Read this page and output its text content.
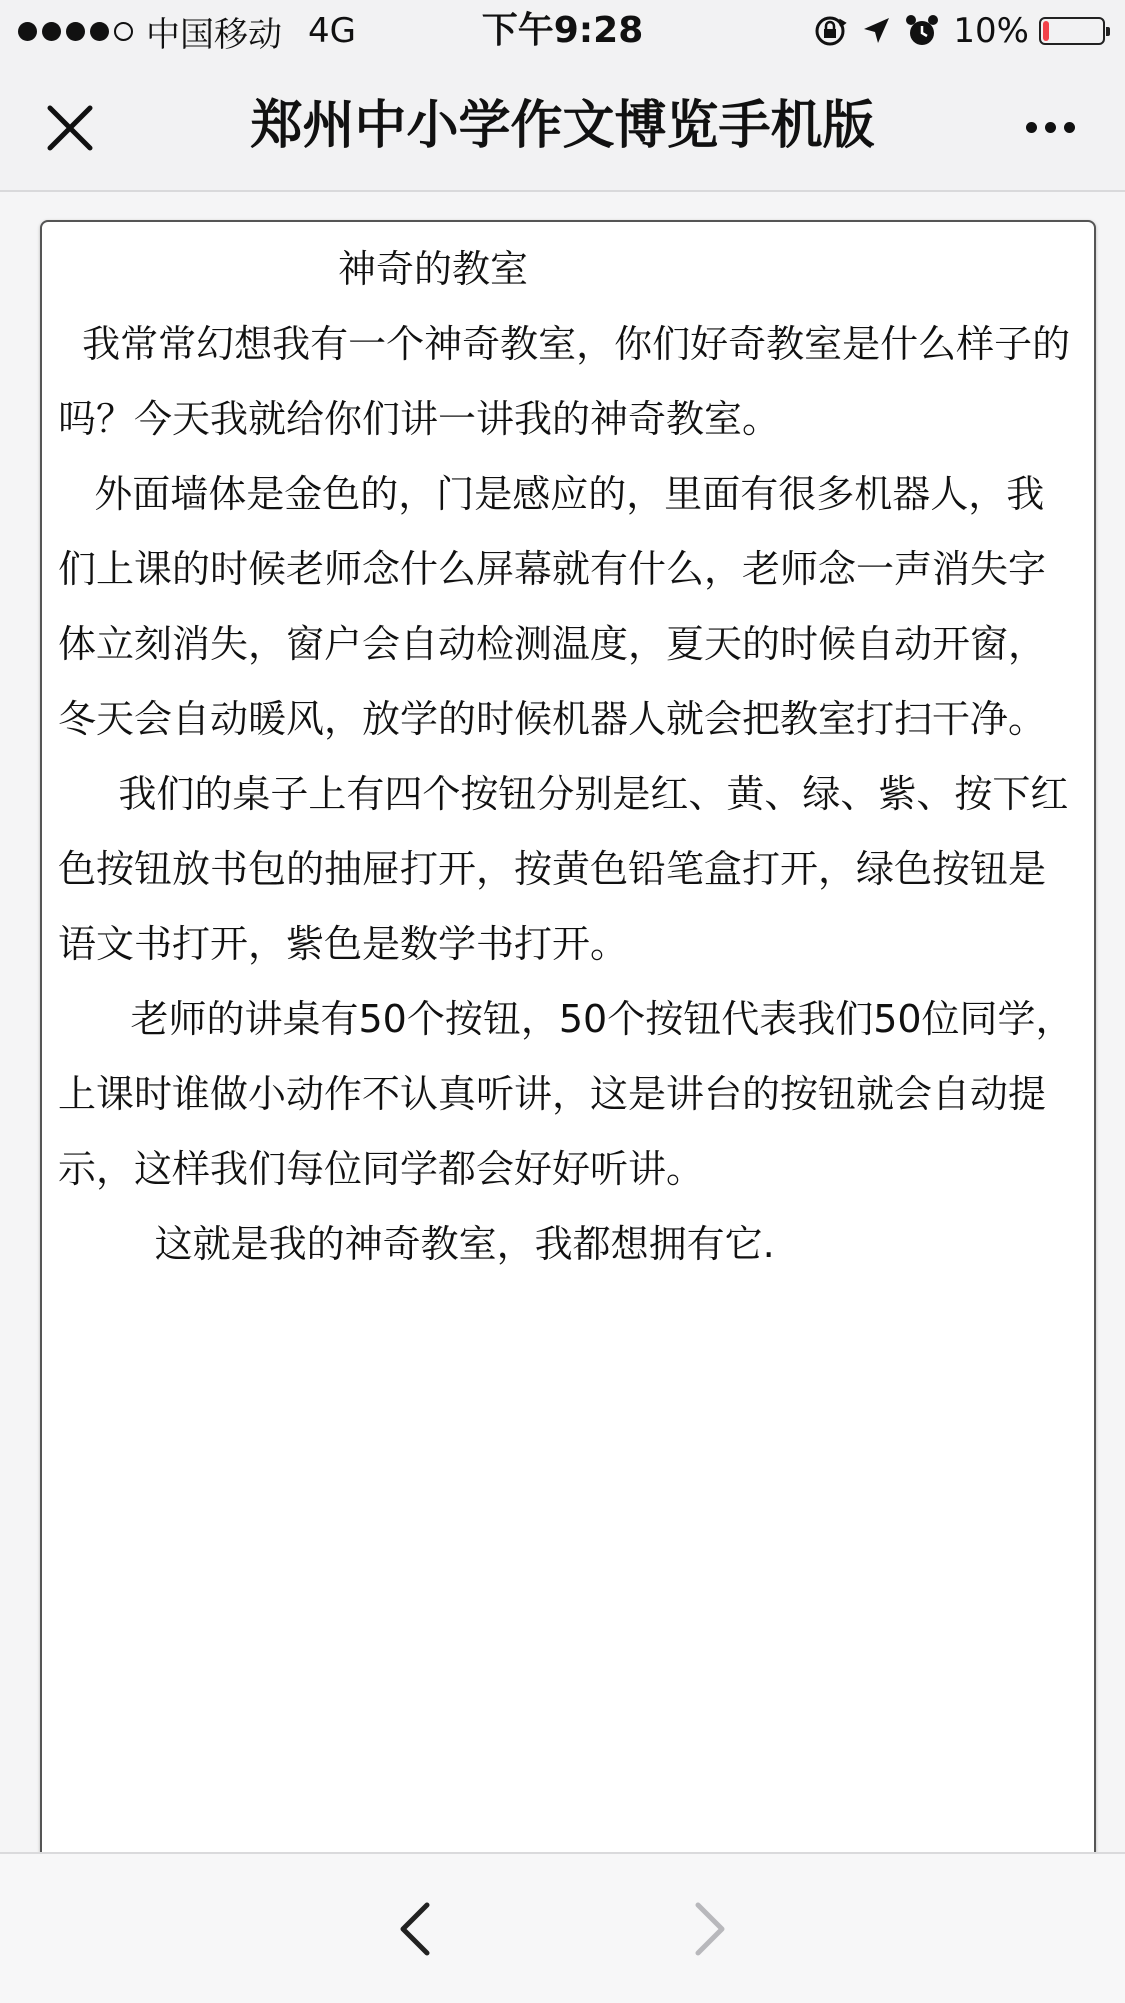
中国移动 4G	下午9:28	10%
郑州中小学作文博览手机版
神奇的教室

我常常幻想我有一个神奇教室，你们好奇教室是什么样子的吗？今天我就给你们讲一讲我的神奇教室。

外面墙体是金色的，门是感应的，里面有很多机器人，我们上课的时候老师念什么屏幕就有什么，老师念一声消失字体立刻消失，窗户会自动检测温度，夏天的时候自动开窗，冬天会自动暖风，放学的时候机器人就会把教室打扫干净。

我们的桌子上有四个按钮分别是红、黄、绿、紫、按下红色按钮放书包的抽屉打开，按黄色铅笔盒打开，绿色按钮是语文书打开，紫色是数学书打开。

老师的讲桌有50个按钮，50个按钮代表我们50位同学，上课时谁做小动作不认真听讲，这是讲台的按钮就会自动提示，这样我们每位同学都会好好听讲。

这就是我的神奇教室，我都想拥有它.
